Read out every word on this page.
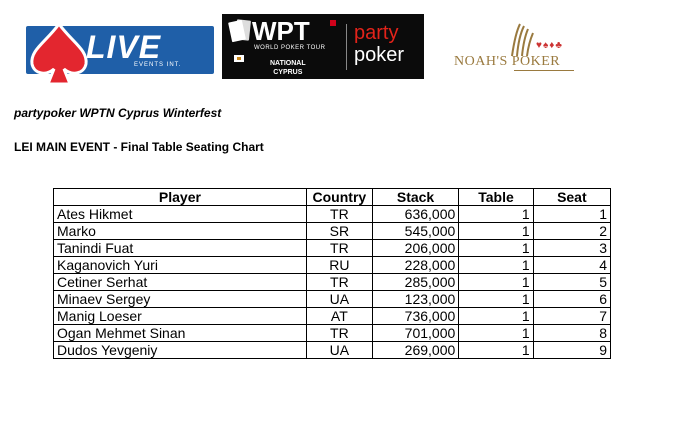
LIVE
EVENTS INT.
WPT
WORLD POKER TOUR
NATIONAL
CYPRUS
party
poker	♥♠♦♣
NOAH'S POKER
partypoker WPTN Cyprus Winterfest
LEI MAIN EVENT - Final Table Seating Chart
Player	Country	Stack	Table	Seat
Ates Hikmet	TR	636,000	1	1
Marko	SR	545,000	1	2
Tanindi Fuat	TR	206,000	1	3
Kaganovich Yuri	RU	228,000	1	4
Cetiner Serhat	TR	285,000	1	5
Minaev Sergey	UA	123,000	1	6
Manig Loeser	AT	736,000	1	7
Ogan Mehmet Sinan	TR	701,000	1	8
Dudos Yevgeniy	UA	269,000	1	9
